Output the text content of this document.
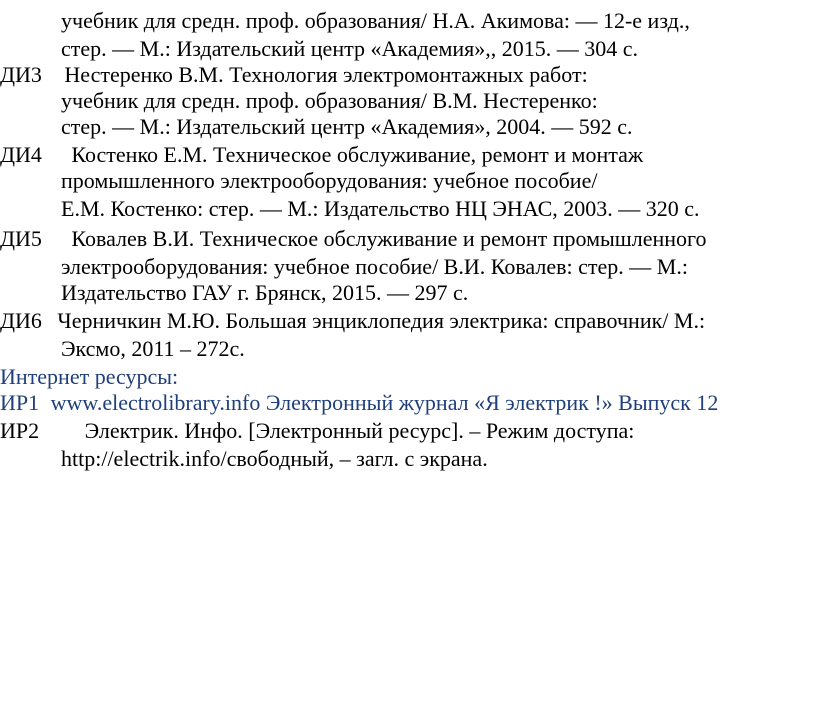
учебник для средн. проф. образования/ Н.А. Акимова: — 12-е изд.,
стер. — М.: Издательский центр «Академия»,, 2015. — 304 с.
ДИ3 Нестеренко В.М. Технология электромонтажных работ:
учебник для средн. проф. образования/ В.М. Нестеренко:
стер. — М.: Издательский центр «Академия», 2004. — 592 с.
ДИ4 Костенко Е.М. Техническое обслуживание, ремонт и монтаж
промышленного электрооборудования: учебное пособие/
Е.М. Костенко: стер. — М.: Издательство НЦ ЭНАС, 2003. — 320 с.
ДИ5 Ковалев В.И. Техническое обслуживание и ремонт промышленного
электрооборудования: учебное пособие/ В.И. Ковалев: стер. — М.:
Издательство ГАУ г. Брянск, 2015. — 297 с.
ДИ6 Черничкин М.Ю. Большая энциклопедия электрика: справочник/ М.:
Эксмо, 2011 – 272с.
Интернет ресурсы:
ИР1 www.electrolibrary.info Электронный журнал «Я электрик !» Выпуск 12
ИР2 Электрик. Инфо. [Электронный ресурс]. – Режим доступа:
http://electrik.info/свободный, – загл. с экрана.
